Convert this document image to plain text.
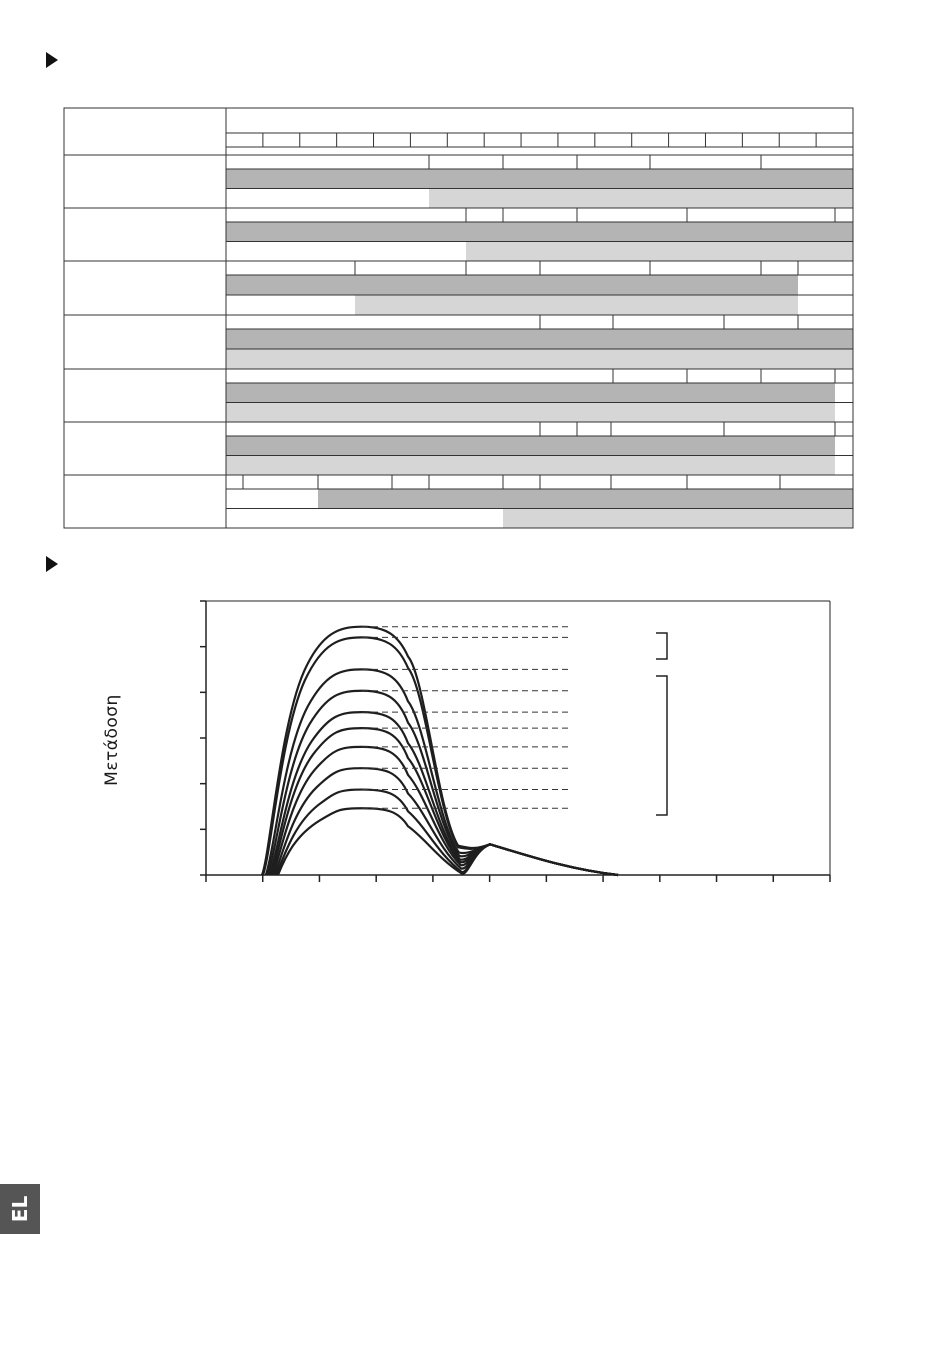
Μετάδοση
EL
